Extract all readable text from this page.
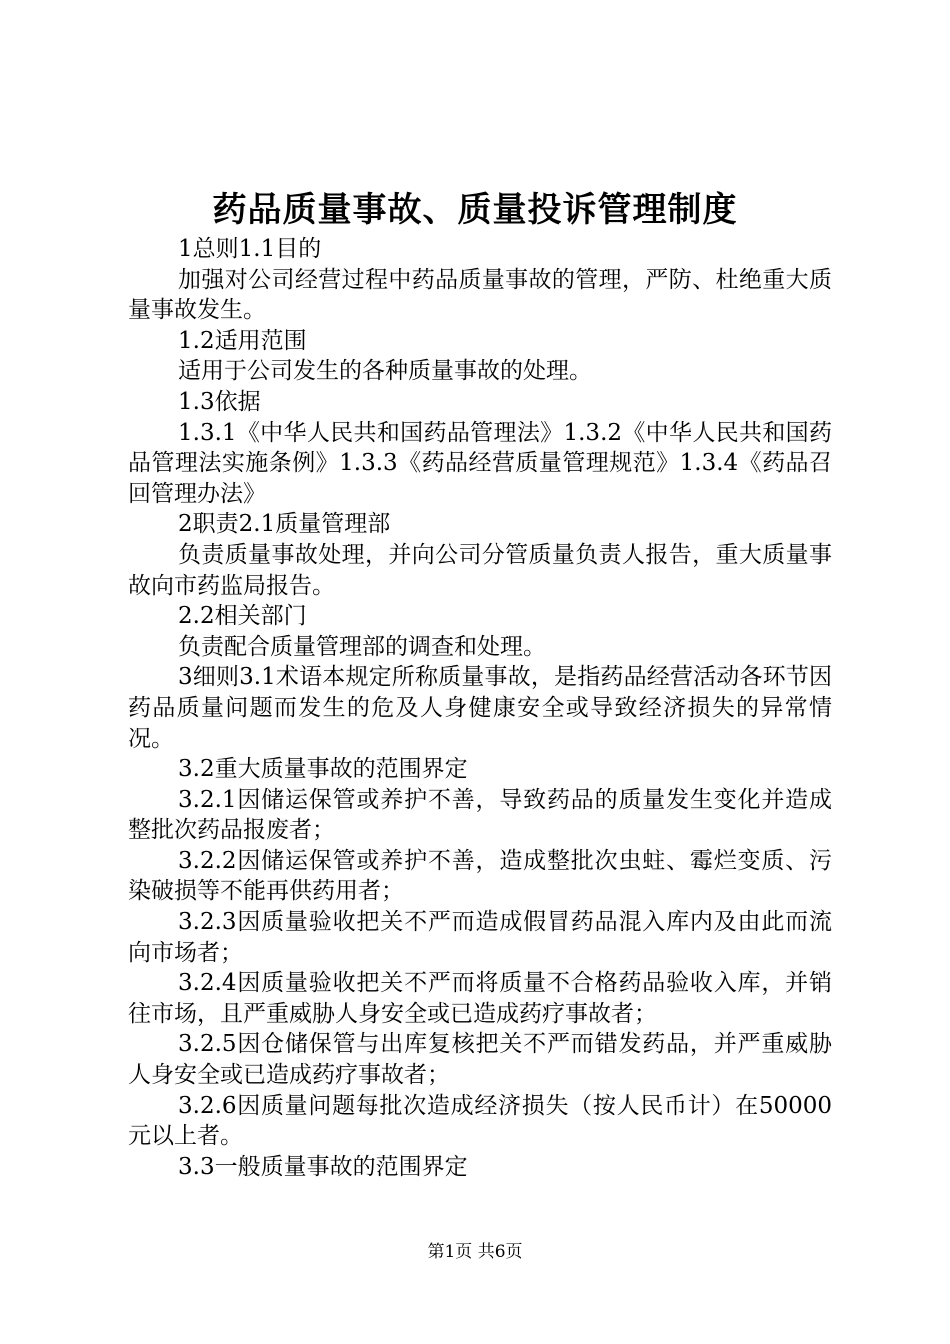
药品质量事故、质量投诉管理制度

1总则1.1目的

加强对公司经营过程中药品质量事故的管理，严防、杜绝重大质量事故发生。

1.2适用范围

适用于公司发生的各种质量事故的处理。

1.3依据

1.3.1《中华人民共和国药品管理法》1.3.2《中华人民共和国药品管理法实施条例》1.3.3《药品经营质量管理规范》1.3.4《药品召回管理办法》

2职责2.1质量管理部

负责质量事故处理，并向公司分管质量负责人报告，重大质量事故向市药监局报告。

2.2相关部门

负责配合质量管理部的调查和处理。

3细则3.1术语本规定所称质量事故，是指药品经营活动各环节因药品质量问题而发生的危及人身健康安全或导致经济损失的异常情况。

3.2重大质量事故的范围界定

3.2.1因储运保管或养护不善，导致药品的质量发生变化并造成整批次药品报废者；

3.2.2因储运保管或养护不善，造成整批次虫蛀、霉烂变质、污染破损等不能再供药用者；

3.2.3因质量验收把关不严而造成假冒药品混入库内及由此而流向市场者；

3.2.4因质量验收把关不严而将质量不合格药品验收入库，并销往市场，且严重威胁人身安全或已造成药疗事故者；

3.2.5因仓储保管与出库复核把关不严而错发药品，并严重威胁人身安全或已造成药疗事故者；

3.2.6因质量问题每批次造成经济损失（按人民币计）在50000元以上者。

3.3一般质量事故的范围界定

第1页 共6页
